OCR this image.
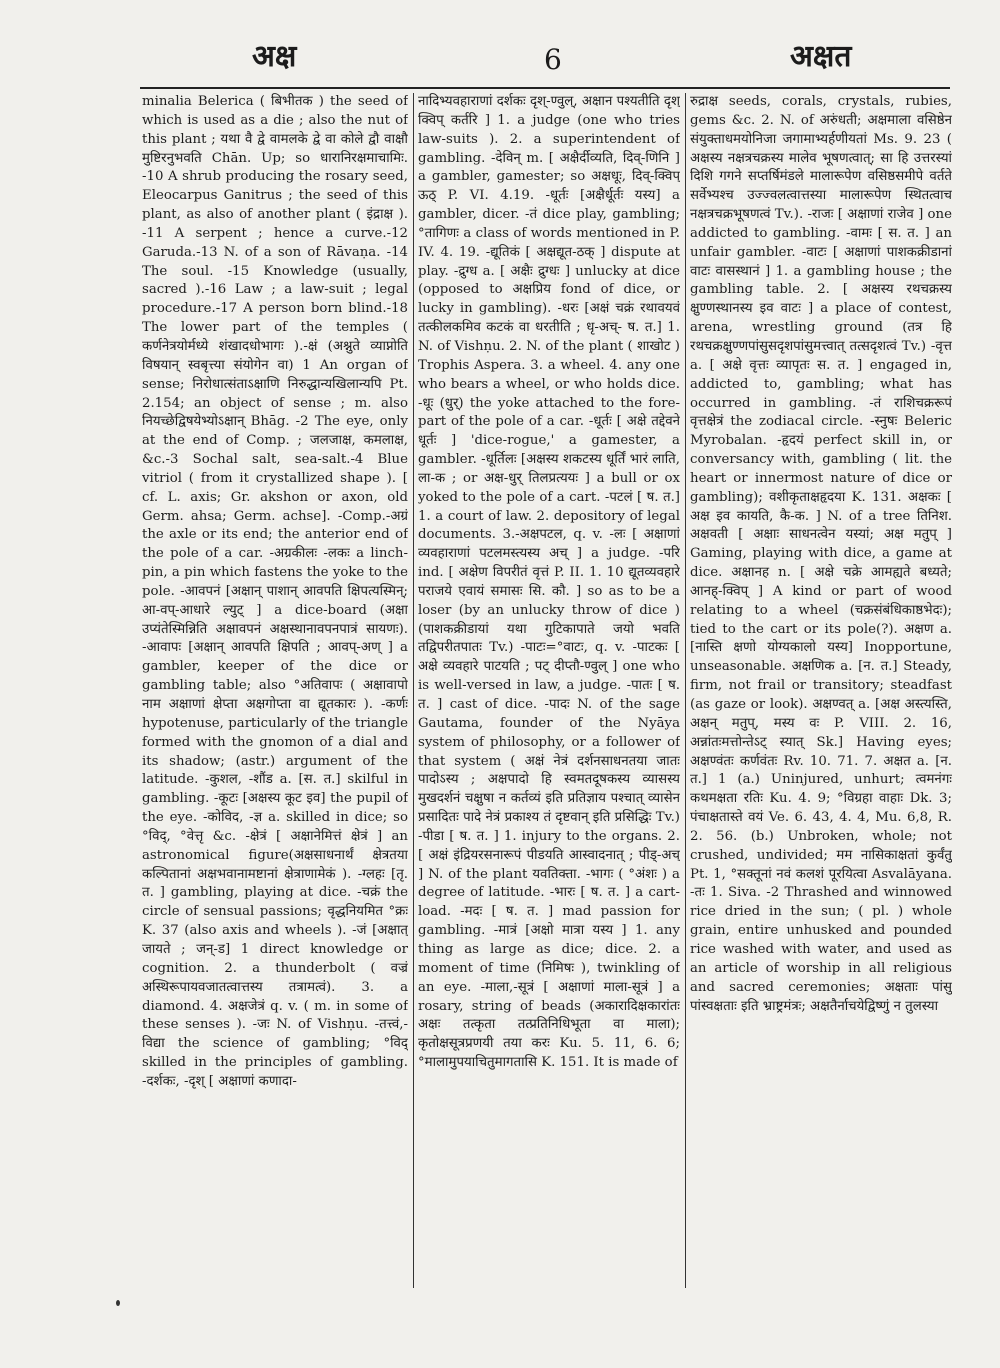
अक्ष	6	अक्षत

minalia Belerica ( बिभीतक ) the seed of which is used as a die ; also the nut of this plant ; यथा वै द्वे वामलके द्वे वा कोले द्वौ वाक्षौ मुष्टिरनुभवति Chān. Up; so धारानिरक्षमाचामिः. -10 A shrub producing the rosary seed, Eleocarpus Ganitrus ; the seed of this plant, as also of another plant ( इंद्राक्ष ). -11 A serpent ; hence a curve.-12 Garuda.-13 N. of a son of Rāvaṇa. -14 The soul. -15 Knowledge (usually, sacred ).-16 Law ; a law-suit ; legal procedure.-17 A person born blind.-18 The lower part of the temples ( कर्णनेत्रयोर्मध्ये शंखादधोभागः ).-क्षं (अश्नुते व्याप्नोति विषयान् स्वबृत्त्या संयोगेन वा) 1 An organ of sense; निरोधात्संताऽक्षाणि निरुद्धान्यखिलान्यपि Pt. 2.154; an object of sense ; m. also नियच्छेद्विषयेभ्योऽक्षान् Bhāg. -2 The eye, only at the end of Comp. ; जलजाक्ष, कमलाक्ष, &c.-3 Sochal salt, sea-salt.-4 Blue vitriol ( from it crystallized shape ). [ cf. L. axis; Gr. akshon or axon, old Germ. ahsa; Germ. achse]. -Comp.-अग्रं the axle or its end; the anterior end of the pole of a car. -अग्रकीलः -लकः a linch-pin, a pin which fastens the yoke to the pole. -आवपनं [अक्षान् पाशान् आवपति क्षिपत्यस्मिन्; आ-वप्-आधारे ल्युट् ] a dice-board (अक्षा उप्यंतेस्मिन्निति अक्षावपनं अक्षस्थानावपनपात्रं सायणः). -आवापः [अक्षान् आवपति क्षिपति ; आवप्-अण् ] a gambler, keeper of the dice or gambling table; also °अतिवापः ( अक्षावापो नाम अक्षाणां क्षेप्ता अक्षगोप्ता वा द्यूतकारः ). -कर्णः hypotenuse, particularly of the triangle formed with the gnomon of a dial and its shadow; (astr.) argument of the latitude. -कुशल, -शौंड a. [स. त.] skilful in gambling. -कूटः [अक्षस्य कूट इव] the pupil of the eye. -कोविद, -ज्ञ a. skilled in dice; so °विद्, °वेत्तृ &c. -क्षेत्रं [ अक्षानेमित्तं क्षेत्रं ] an astronomical figure(अक्षसाधनार्थं क्षेत्रतया कल्पितानां अक्षभवानामष्टानां क्षेत्राणामेकं ). -ग्लहः [तृ. त. ] gambling, playing at dice. -चक्रं the circle of sensual passions; वृद्धनियमित °क्रः K. 37 (also axis and wheels ). -जं [अक्षात् जायते ; जन्-ड] 1 direct knowledge or cognition. 2. a thunderbolt ( वज्रं अस्थिरूपायवजातत्वात्तस्य तत्रामत्वं). 3. a diamond. 4. अक्षजेत्रं q. v. ( m. in some of these senses ). -जः N. of Vishṇu. -तत्त्वं,-विद्या the science of gambling; °विद् skilled in the principles of gambling. -दर्शकः, -दृश् [ अक्षाणां कणादा-

नादिभ्यवहाराणां दर्शकः दृश्-ण्वुल्, अक्षान पश्यतीति दृश् क्विप् कर्तरि ] 1. a judge (one who tries law-suits ). 2. a superintendent of gambling. -देविन् m. [ अक्षैर्दीव्यति, दिव्-णिनि ] a gambler, gamester; so अक्षधूः, दिव्-क्विप् ऊठ् P. VI. 4.19. -धूर्तः [अक्षैर्धूर्तः यस्य] a gambler, dicer. -तं dice play, gambling; °तागिणः a class of words mentioned in P. IV. 4. 19. -द्यूतिकं [ अक्षद्यूत-ठक् ] dispute at play. -द्रुग्ध a. [ अक्षैः द्रुग्धः ] unlucky at dice (opposed to अक्षप्रिय fond of dice, or lucky in gambling). -धरः [अक्षं चक्रं रथावयवं तत्कीलकमिव कटकं वा धरतीति ; धृ-अच्- ष. त.] 1. N. of Vishṇu. 2. N. of the plant ( शाखोट ) Trophis Aspera. 3. a wheel. 4. any one who bears a wheel, or who holds dice. -धूः (धुर्) the yoke attached to the fore-part of the pole of a car. -धूर्तः [ अक्षे तद्देवने धूर्तः ] 'dice-rogue,' a gamester, a gambler. -धूर्तिलः [अक्षस्य शकटस्य धूर्तिं भारं लाति, ला-क ; or अक्ष-धुर् तिलप्रत्ययः ] a bull or ox yoked to the pole of a cart. -पटलं [ ष. त.] 1. a court of law. 2. depository of legal documents. 3.-अक्षपटल, q. v. -लः [ अक्षाणां व्यवहाराणां पटलमस्त्यस्य अच् ] a judge. -परि ind. [ अक्षेण विपरीतं वृत्तं P. II. 1. 10 द्यूतव्यवहारे पराजये एवायं समासः सि. कौ. ] so as to be a loser (by an unlucky throw of dice ) (पाशकक्रीडायां यथा गुटिकापाते जयो भवति तद्विपरीतपातः Tv.) -पाटः=°वाटः, q. v. -पाटकः [ अक्षे व्यवहारे पाटयति ; पट् दीप्तौ-ण्वुल् ] one who is well-versed in law, a judge. -पातः [ ष. त. ] cast of dice. -पादः N. of the sage Gautama, founder of the Nyāya system of philosophy, or a follower of that system ( अक्षं नेत्रं दर्शनसाधनतया जातः पादोऽस्य ; अक्षपादो हि स्वमतदूषकस्य व्यासस्य मुखदर्शनं चक्षुषा न कर्तव्यं इति प्रतिज्ञाय पश्चात् व्यासेन प्रसादितः पादे नेत्रं प्रकाश्य तं दृष्टवान् इति प्रसिद्धिः Tv.) -पीडा [ ष. त. ] 1. injury to the organs. 2. [ अक्षं इंद्रियरसनारूपं पीडयति आस्वादनात् ; पीड्-अच् ] N. of the plant यवतिक्ता. -भागः ( °अंशः ) a degree of latitude. -भारः [ ष. त. ] a cart-load. -मदः [ ष. त. ] mad passion for gambling. -मात्रं [अक्षो मात्रा यस्य ] 1. any thing as large as dice; dice. 2. a moment of time (निमिषः ), twinkling of an eye. -माला,-सूत्रं [ अक्षाणां माला-सूत्रं ] a rosary, string of beads (अकारादिक्षकारांतः अक्षः तत्कृता तत्प्रतिनिधिभूता वा माला); कृतोक्षसूत्रप्रणयी तया करः Ku. 5. 11, 6. 6; °मालामुपयाचितुमागतासि K. 151. It is made of

रुद्राक्ष seeds, corals, crystals, rubies, gems &c. 2. N. of अरुंधती; अक्षमाला वसिष्ठेन संयुक्ताधमयोनिजा जगामाभ्यर्हणीयतां Ms. 9. 23 ( अक्षस्य नक्षत्रचक्रस्य मालेव भूषणत्वात्; सा हि उत्तरस्यां दिशि गगने सप्तर्षिमंडले मालारूपेण वसिष्ठसमीपे वर्तते सर्वेभ्यश्च उज्ज्वलत्वात्तस्या मालारूपेण स्थितत्वाच नक्षत्रचक्रभूषणत्वं Tv.). -राजः [ अक्षाणां राजेव ] one addicted to gambling. -वामः [ स. त. ] an unfair gambler. -वाटः [ अक्षाणां पाशकक्रीडानां वाटः वासस्थानं ] 1. a gambling house ; the gambling table. 2. [ अक्षस्य रथचक्रस्य क्षुण्णस्थानस्य इव वाटः ] a place of contest, arena, wrestling ground (तत्र हि रथचक्रक्षुण्णपांसुसदृशपांसुमत्त्वात् तत्सदृशत्वं Tv.) -वृत्त a. [ अक्षे वृत्तः व्यापृतः स. त. ] engaged in, addicted to, gambling; what has occurred in gambling. -तं राशिचक्ररूपं वृत्तक्षेत्रं the zodiacal circle. -स्नुषः Beleric Myrobalan. -हृदयं perfect skill in, or conversancy with, gambling ( lit. the heart or innermost nature of dice or gambling); वशीकृताक्षहृदया K. 131. अक्षकः [ अक्ष इव कायति, कै-क. ] N. of a tree तिनिश. अक्षवती [ अक्षाः साधनत्वेन यस्यां; अक्ष मतुप् ] Gaming, playing with dice, a game at dice. अक्षानह n. [ अक्षे चक्रे आमह्यते बध्यते; आनह्-क्विप् ] A kind or part of wood relating to a wheel (चक्रसंबंधिकाष्ठभेदः); tied to the cart or its pole(?). अक्षण a. [नास्ति क्षणो योग्यकालो यस्य] Inopportune, unseasonable. अक्षणिक a. [न. त.] Steady, firm, not frail or transitory; steadfast (as gaze or look). अक्षण्वत् a. [अक्ष अस्त्यस्ति, अक्षन् मतुप्, मस्य वः P. VIII. 2. 16, अन्नांतःमत्तोन्तेऽट् स्यात् Sk.] Having eyes; अक्षण्वंतः कर्णवंतः Rv. 10. 71. 7. अक्षत a. [न. त.] 1 (a.) Uninjured, unhurt; त्वमनंगः कथमक्षता रतिः Ku. 4. 9; °विग्रहा वाहाः Dk. 3; पंचाक्षतास्ते वयं Ve. 6. 43, 4. 4, Mu. 6,8, R. 2. 56. (b.) Unbroken, whole; not crushed, undivided; मम नासिकाक्षतां कुर्वंतु Pt. 1, °सक्तूनां नवं कलशं पूरयित्वा Asvalāyana. -तः 1. Siva. -2 Thrashed and winnowed rice dried in the sun; ( pl. ) whole grain, entire unhusked and pounded rice washed with water, and used as an article of worship in all religious and sacred ceremonies; अक्षताः पांसु पांस्वक्षताः इति भ्राष्ट्रमंत्रः; अक्षतैर्नाचयेद्विष्णुं न तुलस्या
